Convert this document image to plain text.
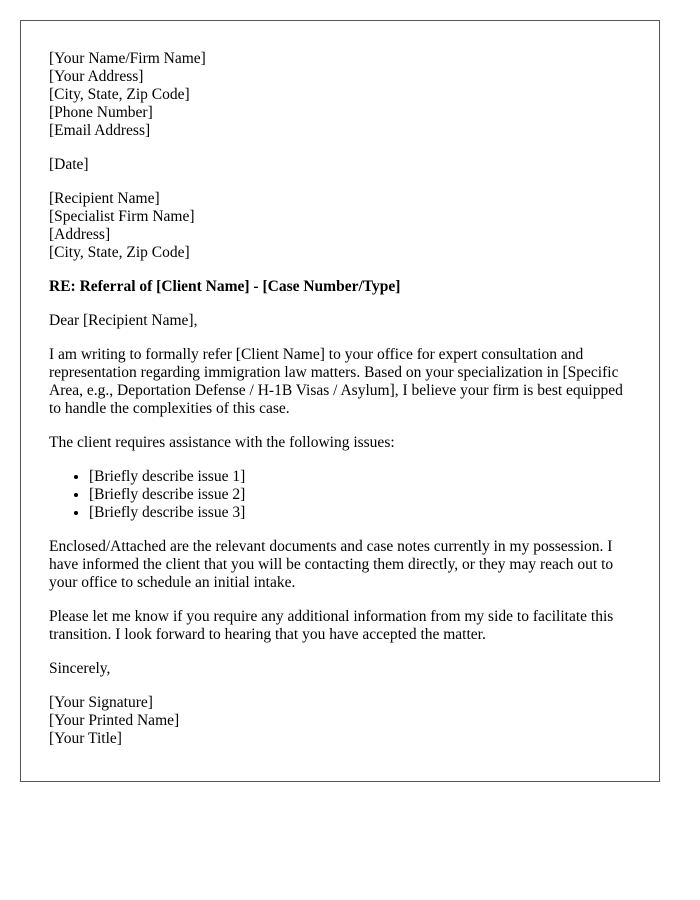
[Your Name/Firm Name]
[Your Address]
[City, State, Zip Code]
[Phone Number]
[Email Address]
[Date]
[Recipient Name]
[Specialist Firm Name]
[Address]
[City, State, Zip Code]

RE: Referral of [Client Name] - [Case Number/Type]

Dear [Recipient Name],

I am writing to formally refer [Client Name] to your office for expert consultation and representation regarding immigration law matters. Based on your specialization in [Specific Area, e.g., Deportation Defense / H-1B Visas / Asylum], I believe your firm is best equipped to handle the complexities of this case.

The client requires assistance with the following issues:

• [Briefly describe issue 1]
• [Briefly describe issue 2]
• [Briefly describe issue 3]

Enclosed/Attached are the relevant documents and case notes currently in my possession. I have informed the client that you will be contacting them directly, or they may reach out to your office to schedule an initial intake.

Please let me know if you require any additional information from my side to facilitate this transition. I look forward to hearing that you have accepted the matter.

Sincerely,

[Your Signature]
[Your Printed Name]
[Your Title]
